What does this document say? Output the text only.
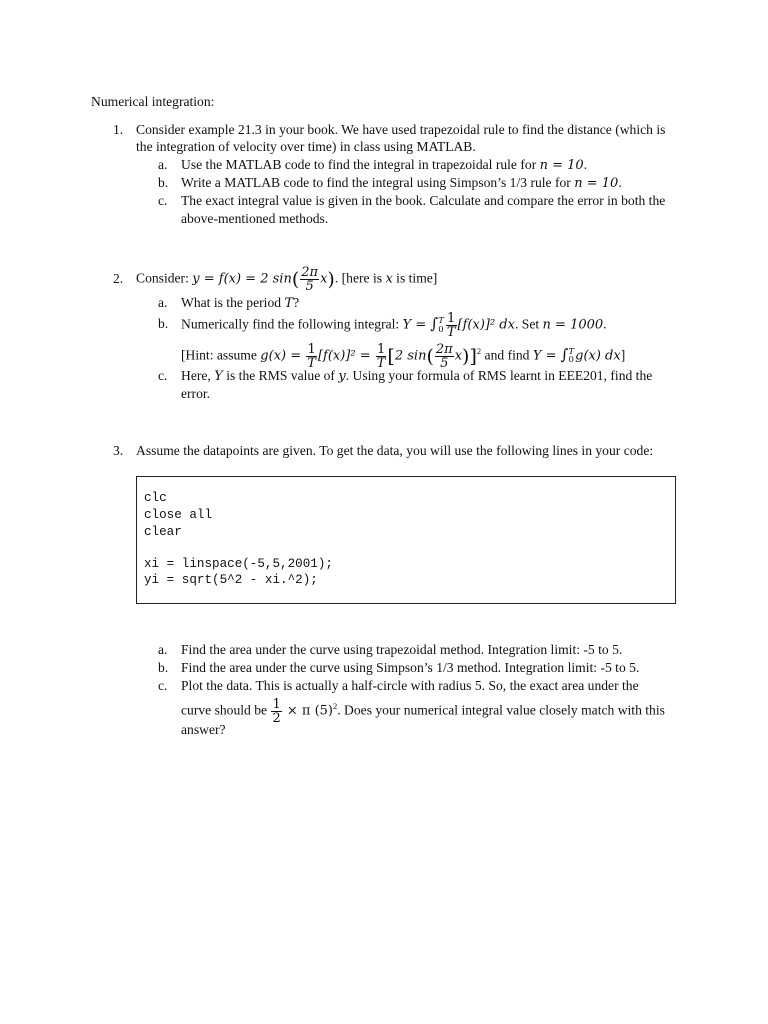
Numerical integration:
1. Consider example 21.3 in your book. We have used trapezoidal rule to find the distance (which is
the integration of velocity over time) in class using MATLAB.
a. Use the MATLAB code to find the integral in trapezoidal rule for n = 10.
b. Write a MATLAB code to find the integral using Simpson’s 1/3 rule for n = 10.
c. The exact integral value is given in the book. Calculate and compare the error in both the
above-mentioned methods.
2. Consider: y = f(x) = 2 $\sin( \frac{2\pi}{5} x)$. [here is x is time]
a. What is the period T?
b. Numerically find the following integral: Y = ∫ T
$0 \frac{1}{T} [f(x)]^2$ dx. Set n = 1000.
[Hint: assume $g(x) = \frac{1}{T} [f(x)]^2 = \frac{1}{T} [2$ $\sin( \frac{2\pi}{5} x)]^2$ and find Y = ∫ T
0 g(x) dx]
c. Here, Y is the RMS value of y. Using your formula of RMS learnt in EEE201, find the
error.
3. Assume the datapoints are given. To get the data, you will use the following lines in your code:
clc
close all
clear
xi = linspace(-5,5,2001);
yi = sqrt(5^2 - xi.^2);
a. Find the area under the curve using trapezoidal method. Integration limit: -5 to 5.
b. Find the area under the curve using Simpson’s 1/3 method. Integration limit: -5 to 5.
c. Plot the data. This is actually a half-circle with radius 5. So, the exact area under the
curve should be $\frac{1}{2} \times \pi$ $(5)^2$. Does your numerical integral value closely match with this
answer?
